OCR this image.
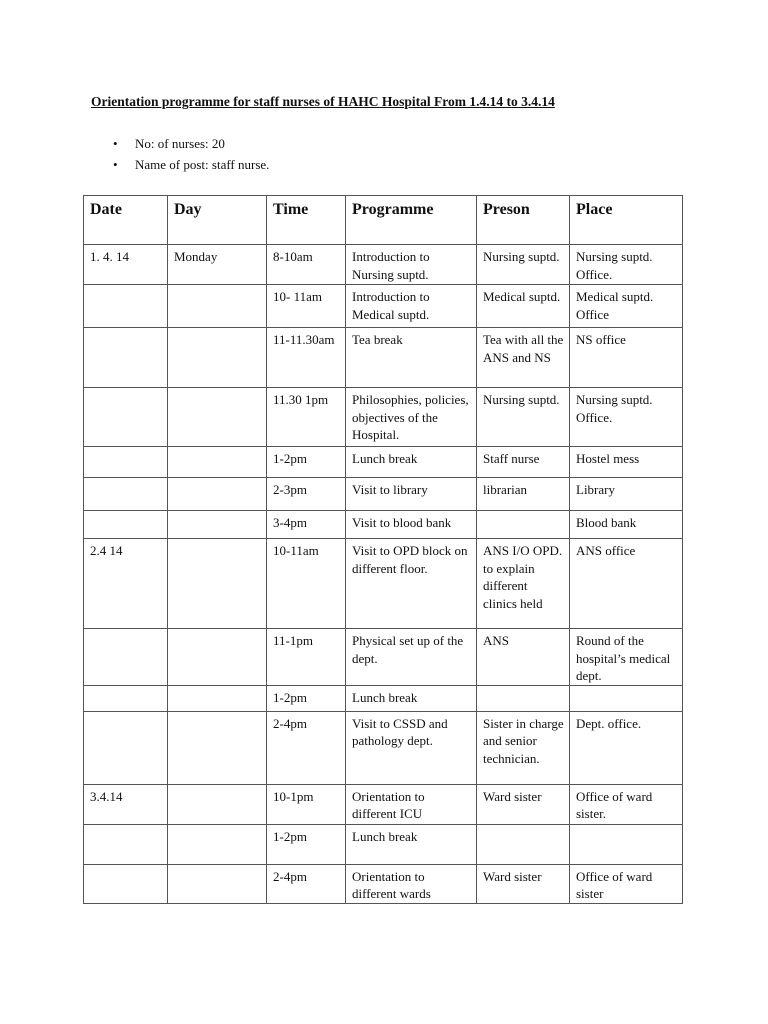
Orientation programme for staff nurses of HAHC Hospital From 1.4.14 to 3.4.14
• No: of nurses: 20
• Name of post: staff nurse.
Date	Day	Time	Programme	Preson	Place
1. 4. 14	Monday	8-10am	Introduction to Nursing suptd.	Nursing suptd.	Nursing suptd. Office.
		10- 11am	Introduction to Medical suptd.	Medical suptd.	Medical suptd. Office
		11-11.30am	Tea break	Tea with all the ANS and NS	NS office
		11.30 1pm	Philosophies, policies, objectives of the Hospital.	Nursing suptd.	Nursing suptd. Office.
		1-2pm	Lunch break	Staff nurse	Hostel mess
		2-3pm	Visit to library	librarian	Library
		3-4pm	Visit to blood bank		Blood bank
2.4 14		10-11am	Visit to OPD block on different floor.	ANS I/O OPD. to explain different clinics held	ANS office
		11-1pm	Physical set up of the dept.	ANS	Round of the hospital’s medical dept.
		1-2pm	Lunch break		
		2-4pm	Visit to CSSD and pathology dept.	Sister in charge and senior technician.	Dept. office.
3.4.14		10-1pm	Orientation to different ICU	Ward sister	Office of ward sister.
		1-2pm	Lunch break		
		2-4pm	Orientation to different wards	Ward sister	Office of ward sister
